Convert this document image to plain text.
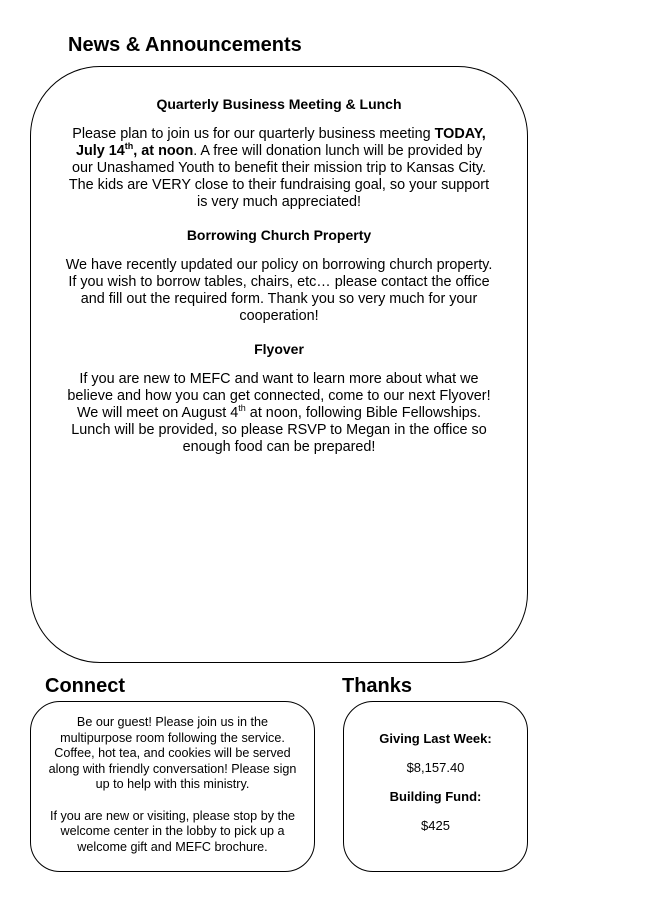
News & Announcements

Quarterly Business Meeting & Lunch

Please plan to join us for our quarterly business meeting TODAY, July 14th, at noon. A free will donation lunch will be provided by our Unashamed Youth to benefit their mission trip to Kansas City. The kids are VERY close to their fundraising goal, so your support is very much appreciated!

Borrowing Church Property

We have recently updated our policy on borrowing church property. If you wish to borrow tables, chairs, etc… please contact the office and fill out the required form. Thank you so very much for your cooperation!

Flyover

If you are new to MEFC and want to learn more about what we believe and how you can get connected, come to our next Flyover! We will meet on August 4th at noon, following Bible Fellowships. Lunch will be provided, so please RSVP to Megan in the office so enough food can be prepared!

Connect	Thanks

Be our guest! Please join us in the multipurpose room following the service. Coffee, hot tea, and cookies will be served along with friendly conversation! Please sign up to help with this ministry.

If you are new or visiting, please stop by the welcome center in the lobby to pick up a welcome gift and MEFC brochure.

Giving Last Week:

$8,157.40

Building Fund:

$425
